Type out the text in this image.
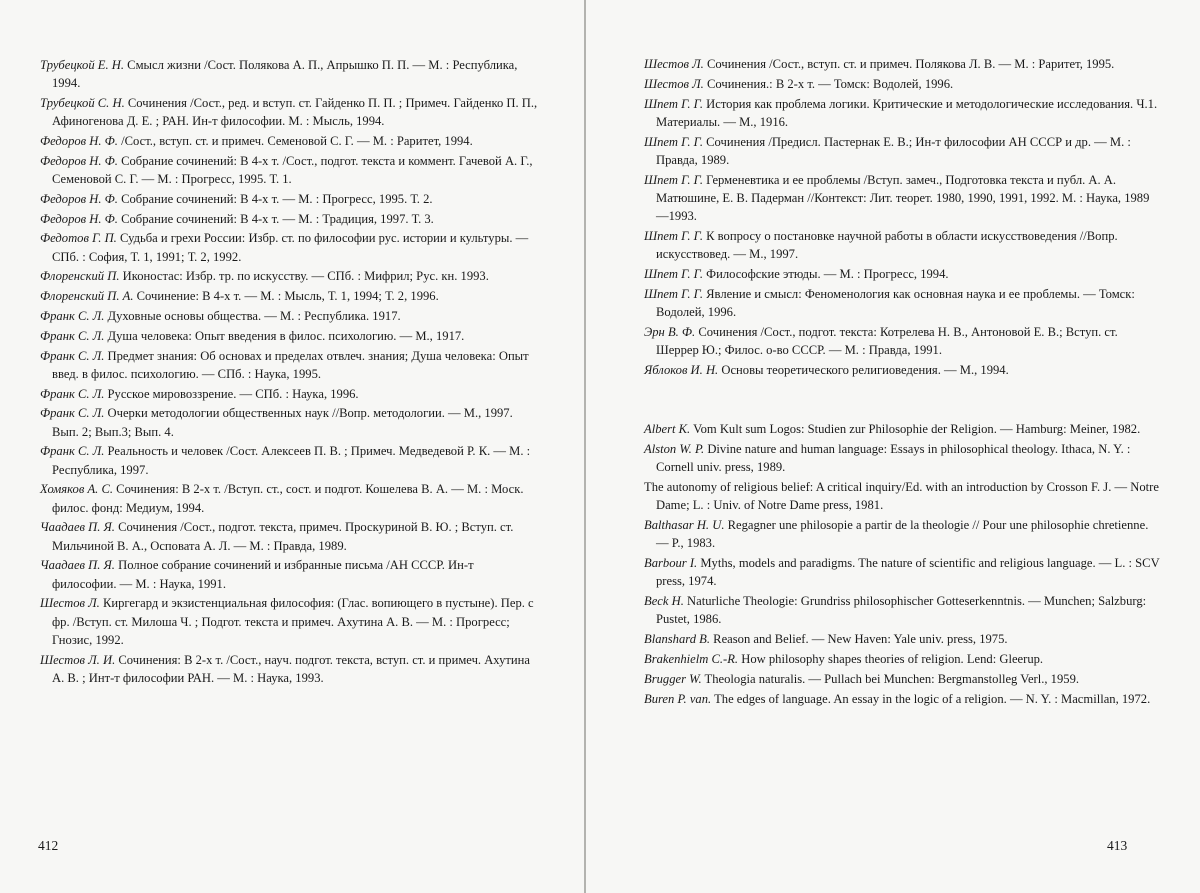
Трубецкой Е. Н. Смысл жизни /Сост. Полякова А. П., Апрышко П. П. — М. : Республика, 1994.

Трубецкой С. Н. Сочинения /Сост., ред. и вступ. ст. Гайденко П. П. ; Примеч. Гайденко П. П., Афиногенова Д. Е. ; РАН. Ин-т философии. М. : Мысль, 1994.

Федоров Н. Ф. /Сост., вступ. ст. и примеч. Семеновой С. Г. — М. : Раритет, 1994.

Федоров Н. Ф. Собрание сочинений: В 4-х т. /Сост., подгот. текста и коммент. Гачевой А. Г., Семеновой С. Г. — М. : Прогресс, 1995. Т. 1.

Федоров Н. Ф. Собрание сочинений: В 4-х т. — М. : Прогресс, 1995. Т. 2.

Федоров Н. Ф. Собрание сочинений: В 4-х т. — М. : Традиция, 1997. Т. 3.

Федотов Г. П. Судьба и грехи России: Избр. ст. по философии рус. истории и культуры. — СПб. : София, Т. 1, 1991; Т. 2, 1992.

Флоренский П. Иконостас: Избр. тр. по искусству. — СПб. : Мифрил; Рус. кн. 1993.

Флоренский П. А. Сочинение: В 4-х т. — М. : Мысль, Т. 1, 1994; Т. 2, 1996.

Франк С. Л. Духовные основы общества. — М. : Республика. 1917.

Франк С. Л. Душа человека: Опыт введения в филос. психологию. — М., 1917.

Франк С. Л. Предмет знания: Об основах и пределах отвлеч. знания; Душа человека: Опыт введ. в филос. психологию. — СПб. : Наука, 1995.

Франк С. Л. Русское мировоззрение. — СПб. : Наука, 1996.

Франк С. Л. Очерки методологии общественных наук //Вопр. методологии. — М., 1997. Вып. 2; Вып.3; Вып. 4.

Франк С. Л. Реальность и человек /Сост. Алексеев П. В. ; Примеч. Медведевой Р. К. — М. : Республика, 1997.

Хомяков А. С. Сочинения: В 2-х т. /Вступ. ст., сост. и подгот. Кошелева В. А. — М. : Моск. филос. фонд: Медиум, 1994.

Чаадаев П. Я. Сочинения /Сост., подгот. текста, примеч. Проскуриной В. Ю. ; Вступ. ст. Мильчиной В. А., Осповата А. Л. — М. : Правда, 1989.

Чаадаев П. Я. Полное собрание сочинений и избранные письма /АН СССР. Ин-т философии. — М. : Наука, 1991.

Шестов Л. Киргегард и экзистенциальная философия: (Глас. вопиющего в пустыне). Пер. с фр. /Вступ. ст. Милоша Ч. ; Подгот. текста и примеч. Ахутина А. В. — М. : Прогресс; Гнозис, 1992.

Шестов Л. И. Сочинения: В 2-х т. /Сост., науч. подгот. текста, вступ. ст. и примеч. Ахутина А. В. ; Инт-т философии РАН. — М. : Наука, 1993.

412

Шестов Л. Сочинения /Сост., вступ. ст. и примеч. Полякова Л. В. — М. : Раритет, 1995.

Шестов Л. Сочинения.: В 2-х т. — Томск: Водолей, 1996.

Шпет Г. Г. История как проблема логики. Критические и методологические исследования. Ч.1. Материалы. — М., 1916.

Шпет Г. Г. Сочинения /Предисл. Пастернак Е. В.; Ин-т философии АН СССР и др. — М. : Правда, 1989.

Шпет Г. Г. Герменевтика и ее проблемы /Вступ. замеч., Подготовка текста и публ. А. А. Матюшине, Е. В. Падерман //Контекст: Лит. теорет. 1980, 1990, 1991, 1992. М. : Наука, 1989—1993.

Шпет Г. Г. К вопросу о постановке научной работы в области искусствоведения //Вопр. искусствовед. — М., 1997.

Шпет Г. Г. Философские этюды. — М. : Прогресс, 1994.

Шпет Г. Г. Явление и смысл: Феноменология как основная наука и ее проблемы. — Томск: Водолей, 1996.

Эрн В. Ф. Сочинения /Сост., подгот. текста: Котрелева Н. В., Антоновой Е. В.; Вступ. ст. Шеррер Ю.; Филос. о-во СССР. — М. : Правда, 1991.

Яблоков И. Н. Основы теоретического религиоведения. — М., 1994.

Albert K. Vom Kult sum Logos: Studien zur Philosophie der Religion. — Hamburg: Meiner, 1982.

Alston W. P. Divine nature and human language: Essays in philosophical theology. Ithaca, N. Y. : Cornell univ. press, 1989.

The autonomy of religious belief: A critical inquiry/Ed. with an introduction by Crosson F. J. — Notre Dame; L. : Univ. of Notre Dame press, 1981.

Balthasar H. U. Regagner une philosopie a partir de la theologie // Pour une philosophie chretienne. — P., 1983.

Barbour I. Myths, models and paradigms. The nature of scientific and religious language. — L. : SCV press, 1974.

Beck H. Naturliche Theologie: Grundriss philosophischer Gotteserkenntnis. — Munchen; Salzburg: Pustet, 1986.

Blanshard B. Reason and Belief. — New Haven: Yale univ. press, 1975.

Brakenhielm C.-R. How philosophy shapes theories of religion. Lend: Gleerup.

Brugger W. Theologia naturalis. — Pullach bei Munchen: Bergmanstolleg Verl., 1959.

Buren P. van. The edges of language. An essay in the logic of a religion. — N. Y. : Macmillan, 1972.

413
